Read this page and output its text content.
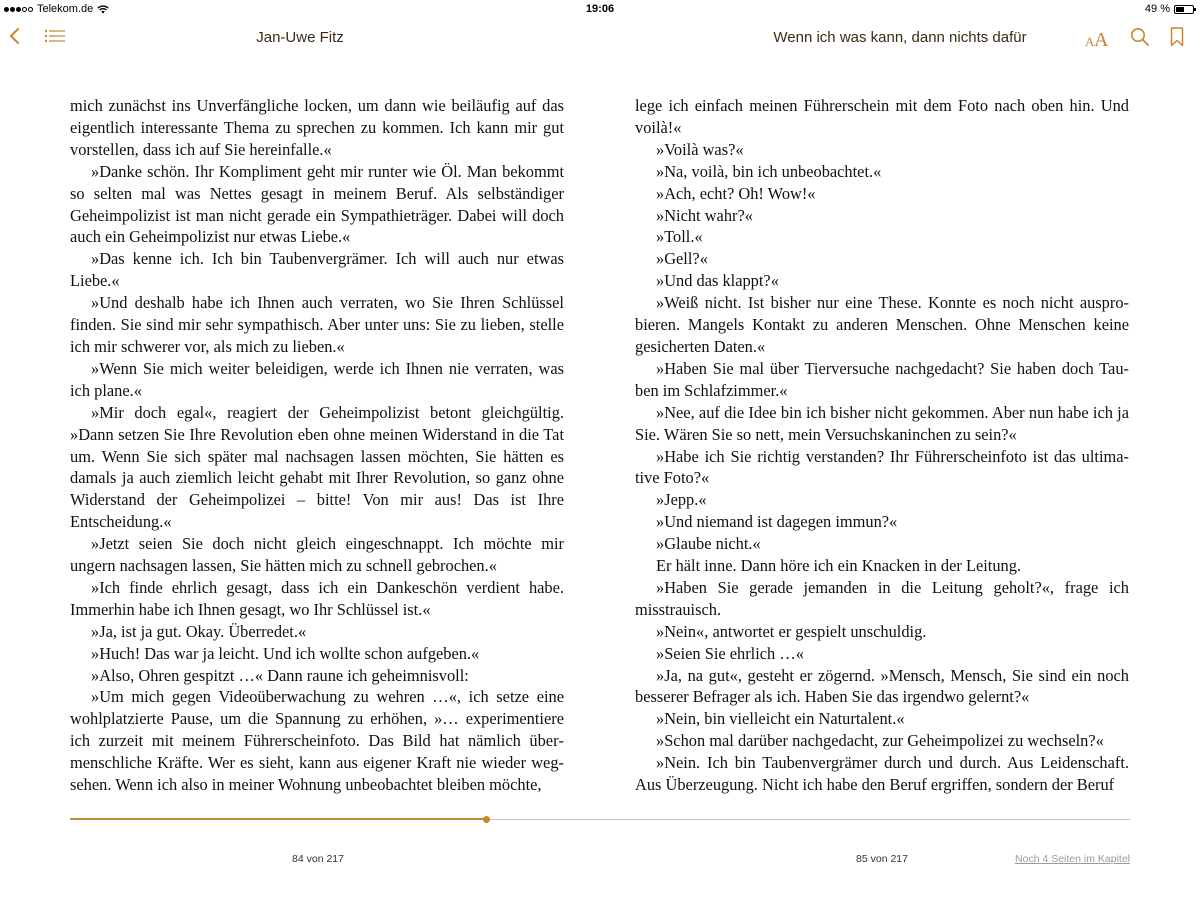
Telekom.de	19:06	49 %
Jan-Uwe Fitz	Wenn ich was kann, dann nichts dafür	A A

mich zunächst ins Unverfängliche locken, um dann wie beiläufig auf das eigentlich interessante Thema zu sprechen zu kommen. Ich kann mir gut vorstellen, dass ich auf Sie hereinfalle.«

»Danke schön. Ihr Kompliment geht mir runter wie Öl. Man bekommt so selten mal was Nettes gesagt in meinem Beruf. Als selbständiger Geheimpolizist ist man nicht gerade ein Sympathieträger. Dabei will doch auch ein Geheimpolizist nur etwas Liebe.«

»Das kenne ich. Ich bin Taubenvergrämer. Ich will auch nur etwas Liebe.«

»Und deshalb habe ich Ihnen auch verraten, wo Sie Ihren Schlüssel finden. Sie sind mir sehr sympathisch. Aber unter uns: Sie zu lieben, stelle ich mir schwerer vor, als mich zu lieben.«

»Wenn Sie mich weiter beleidigen, werde ich Ihnen nie verraten, was ich plane.«

»Mir doch egal«, reagiert der Geheimpolizist betont gleichgültig. »Dann setzen Sie Ihre Revolution eben ohne meinen Widerstand in die Tat um. Wenn Sie sich später mal nachsagen lassen möchten, Sie hätten es damals ja auch ziemlich leicht gehabt mit Ihrer Revolution, so ganz ohne Widerstand der Geheimpolizei – bitte! Von mir aus! Das ist Ihre Entscheidung.«

»Jetzt seien Sie doch nicht gleich eingeschnappt. Ich möchte mir ungern nachsagen lassen, Sie hätten mich zu schnell gebrochen.«

»Ich finde ehrlich gesagt, dass ich ein Dankeschön verdient habe. Immerhin habe ich Ihnen gesagt, wo Ihr Schlüssel ist.«

»Ja, ist ja gut. Okay. Überredet.«

»Huch! Das war ja leicht. Und ich wollte schon aufgeben.«

»Also, Ohren gespitzt …« Dann raune ich geheimnisvoll:

»Um mich gegen Videoüberwachung zu wehren …«, ich setze eine wohlplatzierte Pause, um die Spannung zu erhöhen, »… experimentiere ich zurzeit mit meinem Führerscheinfoto. Das Bild hat nämlich übermenschliche Kräfte. Wer es sieht, kann aus eigener Kraft nie wieder wegsehen. Wenn ich also in meiner Wohnung unbeobachtet bleiben möchte,

lege ich einfach meinen Führerschein mit dem Foto nach oben hin. Und voilà!«

»Voilà was?«

»Na, voilà, bin ich unbeobachtet.«

»Ach, echt? Oh! Wow!«

»Nicht wahr?«

»Toll.«

»Gell?«

»Und das klappt?«

»Weiß nicht. Ist bisher nur eine These. Konnte es noch nicht ausprobieren. Mangels Kontakt zu anderen Menschen. Ohne Menschen keine gesicherten Daten.«

»Haben Sie mal über Tierversuche nachgedacht? Sie haben doch Tauben im Schlafzimmer.«

»Nee, auf die Idee bin ich bisher nicht gekommen. Aber nun habe ich ja Sie. Wären Sie so nett, mein Versuchskaninchen zu sein?«

»Habe ich Sie richtig verstanden? Ihr Führerscheinfoto ist das ultimative Foto?«

»Jepp.«

»Und niemand ist dagegen immun?«

»Glaube nicht.«

Er hält inne. Dann höre ich ein Knacken in der Leitung.

»Haben Sie gerade jemanden in die Leitung geholt?«, frage ich misstrauisch.

»Nein«, antwortet er gespielt unschuldig.

»Seien Sie ehrlich …«

»Ja, na gut«, gesteht er zögernd. »Mensch, Mensch, Sie sind ein noch besserer Befrager als ich. Haben Sie das irgendwo gelernt?«

»Nein, bin vielleicht ein Naturtalent.«

»Schon mal darüber nachgedacht, zur Geheimpolizei zu wechseln?«

»Nein. Ich bin Taubenvergrämer durch und durch. Aus Leidenschaft. Aus Überzeugung. Nicht ich habe den Beruf ergriffen, sondern der Beruf

84 von 217	85 von 217	Noch 4 Seiten im Kapitel
